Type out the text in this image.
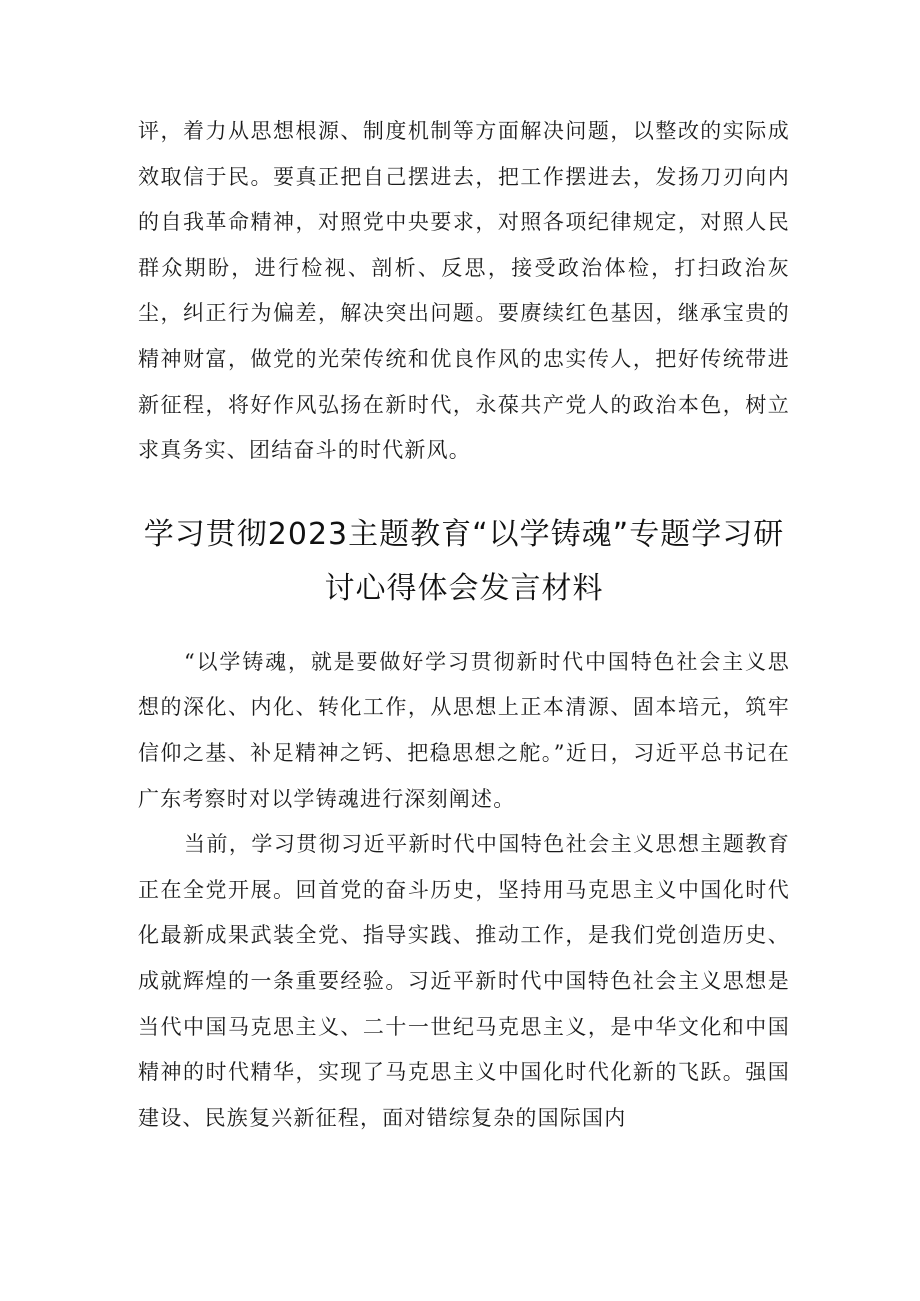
评，着力从思想根源、制度机制等方面解决问题，以整改的实际成效取信于民。要真正把自己摆进去，把工作摆进去，发扬刀刃向内的自我革命精神，对照党中央要求，对照各项纪律规定，对照人民群众期盼，进行检视、剖析、反思，接受政治体检，打扫政治灰尘，纠正行为偏差，解决突出问题。要赓续红色基因，继承宝贵的精神财富，做党的光荣传统和优良作风的忠实传人，把好传统带进新征程，将好作风弘扬在新时代，永葆共产党人的政治本色，树立求真务实、团结奋斗的时代新风。

学习贯彻2023主题教育“以学铸魂”专题学习研讨心得体会发言材料

“以学铸魂，就是要做好学习贯彻新时代中国特色社会主义思想的深化、内化、转化工作，从思想上正本清源、固本培元，筑牢信仰之基、补足精神之钙、把稳思想之舵。”近日，习近平总书记在广东考察时对以学铸魂进行深刻阐述。

当前，学习贯彻习近平新时代中国特色社会主义思想主题教育正在全党开展。回首党的奋斗历史，坚持用马克思主义中国化时代化最新成果武装全党、指导实践、推动工作，是我们党创造历史、成就辉煌的一条重要经验。习近平新时代中国特色社会主义思想是当代中国马克思主义、二十一世纪马克思主义，是中华文化和中国精神的时代精华，实现了马克思主义中国化时代化新的飞跃。强国建设、民族复兴新征程，面对错综复杂的国际国内
